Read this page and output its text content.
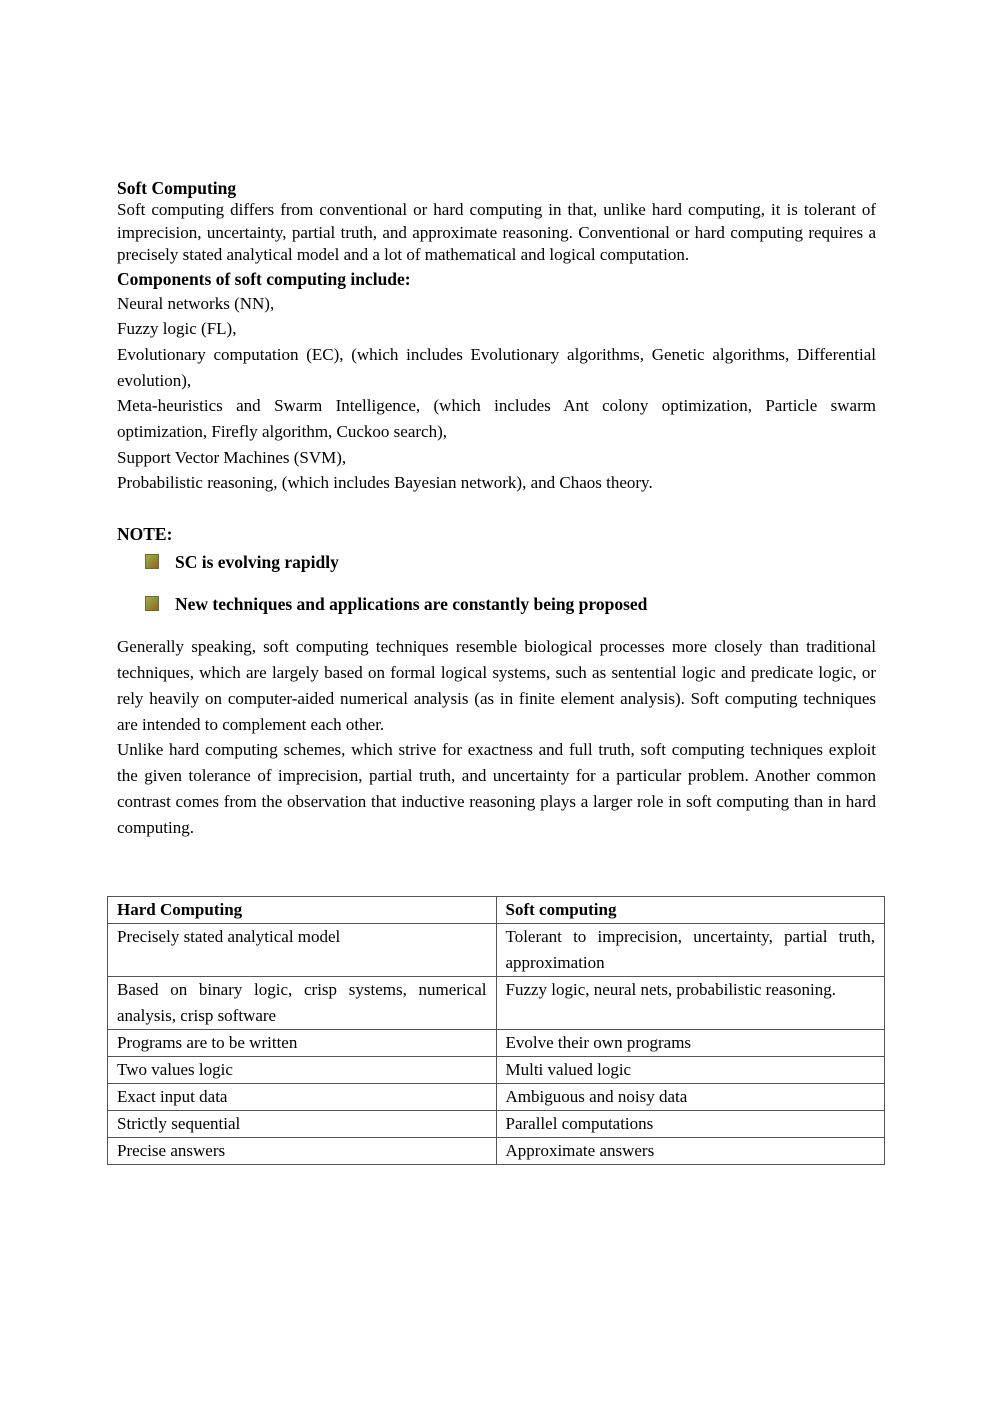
Soft Computing

Soft computing differs from conventional or hard computing in that, unlike hard computing, it is tolerant of imprecision, uncertainty, partial truth, and approximate reasoning. Conventional or hard computing requires a precisely stated analytical model and a lot of mathematical and logical computation.

Components of soft computing include:

Neural networks (NN),
Fuzzy logic (FL),
Evolutionary computation (EC), (which includes Evolutionary algorithms, Genetic algorithms, Differential evolution),
Meta-heuristics and Swarm Intelligence, (which includes Ant colony optimization, Particle swarm optimization, Firefly algorithm, Cuckoo search),
Support Vector Machines (SVM),
Probabilistic reasoning, (which includes Bayesian network), and Chaos theory.

NOTE:

SC is evolving rapidly
New techniques and applications are constantly being proposed

Generally speaking, soft computing techniques resemble biological processes more closely than traditional techniques, which are largely based on formal logical systems, such as sentential logic and predicate logic, or rely heavily on computer-aided numerical analysis (as in finite element analysis). Soft computing techniques are intended to complement each other.

Unlike hard computing schemes, which strive for exactness and full truth, soft computing techniques exploit the given tolerance of imprecision, partial truth, and uncertainty for a particular problem. Another common contrast comes from the observation that inductive reasoning plays a larger role in soft computing than in hard computing.

Hard Computing	Soft computing
Precisely stated analytical model	Tolerant to imprecision, uncertainty, partial truth, approximation
Based on binary logic, crisp systems, numerical analysis, crisp software	Fuzzy logic, neural nets, probabilistic reasoning.
Programs are to be written	Evolve their own programs
Two values logic	Multi valued logic
Exact input data	Ambiguous and noisy data
Strictly sequential	Parallel computations
Precise answers	Approximate answers
